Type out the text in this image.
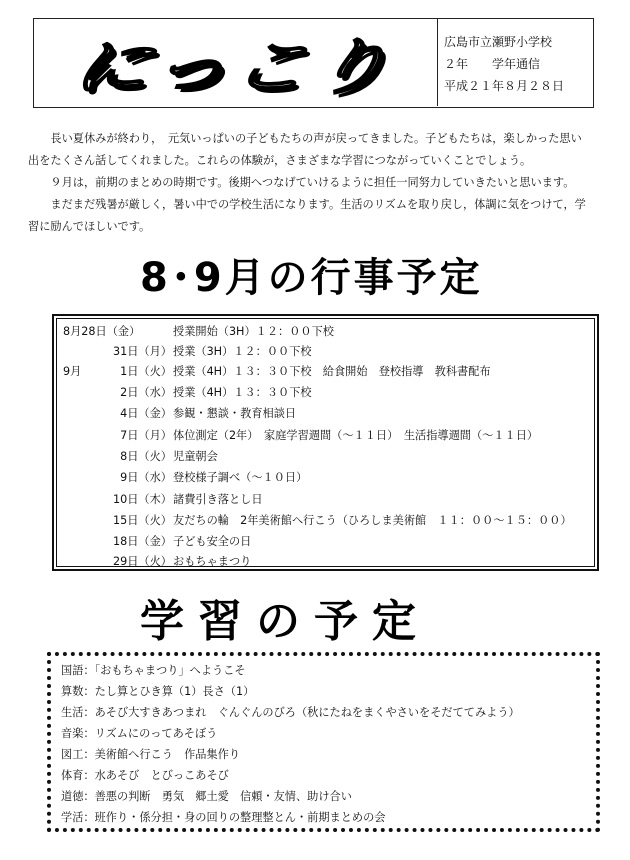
にっこり	広島市立瀬野小学校
２年　　学年通信
平成２１年８月２８日

長い夏休みが終わり，　元気いっぱいの子どもたちの声が戻ってきました。子どもたちは，楽しかった思い

出をたくさん話してくれました。これらの体験が，さまざまな学習につながっていくことでしょう。

９月は，前期のまとめの時期です。後期へつなげていけるように担任一同努力していきたいと思います。

まだまだ残暑が厳しく，暑い中での学校生活になります。生活のリズムを取り戻し，体調に気をつけて，学

習に励んでほしいです。

8･9月の行事予定
8月28日（金）	授業開始（3H）１２：００下校
31日（月） 授業（3H）１２：００下校
9月	1日（火） 授業（4H）１３：３０下校　給食開始　登校指導　教科書配布
2日（水） 授業（4H）１３：３０下校
4日（金） 参観・懇談・教育相談日
7日（月） 体位測定（2年）　家庭学習週間（～１１日）　生活指導週間（～１１日）
8日（火） 児童朝会
9日（水） 登校様子調べ（～１０日）
10日（木） 諸費引き落とし日
15日（火） 友だちの輪　2年美術館へ行こう（ひろしま美術館　１１：００～１５：００）
18日（金） 子ども安全の日
29日（火） おもちゃまつり
学習の予定
国語：「おもちゃまつり」へようこそ
算数：たし算とひき算（1）長さ（1）
生活：あそび大すきあつまれ　ぐんぐんのびろ（秋にたねをまくやさいをそだててみよう）
音楽：リズムにのってあそぼう
図工：美術館へ行こう　作品集作り
体育：水あそび　とびっこあそび
道徳：善悪の判断　勇気　郷土愛　信頼・友情、助け合い
学活：班作り・係分担・身の回りの整理整とん・前期まとめの会
